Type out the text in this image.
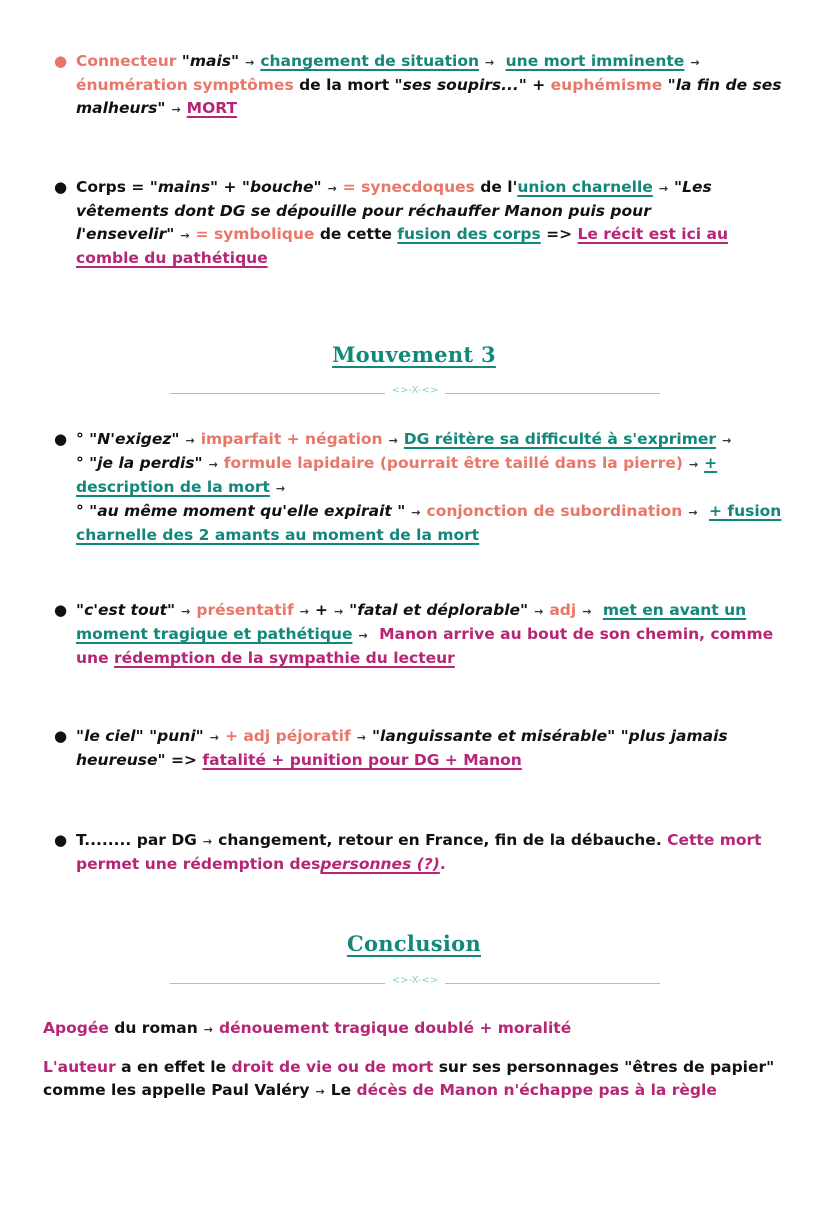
● Connecteur "mais" → changement de situation → une mort imminente → énumération symptômes de la mort "ses soupirs..." + euphémisme "la fin de ses malheurs" → MORT
● Corps = "mains" + "bouche" → = synecdoques de l'union charnelle → "Les vêtements dont DG se dépouille pour réchauffer Manon puis pour l'ensevelir" → = symbolique de cette fusion des corps => Le récit est ici au comble du pathétique
Mouvement 3
<>-X-<>
● ° "N'exigez" → imparfait + négation → DG réitère sa difficulté à s'exprimer →
° "je la perdis" → formule lapidaire (pourrait être taillé dans la pierre) → +
description de la mort →
° "au même moment qu'elle expirait " → conjonction de subordination → + fusion charnelle des 2 amants au moment de la mort
● "c'est tout" → présentatif → + → "fatal et déplorable" → adj → met en avant un moment tragique et pathétique → Manon arrive au bout de son chemin, comme une rédemption de la sympathie du lecteur
● "le ciel" "puni" → + adj péjoratif → "languissante et misérable" "plus jamais heureuse" => fatalité + punition pour DG + Manon
● T........ par DG → changement, retour en France, fin de la débauche. Cette mort permet une rédemption despersonnes (?).
Conclusion
<>-X-<>
Apogée du roman → dénouement tragique doublé + moralité
L'auteur a en effet le droit de vie ou de mort sur ses personnages "êtres de papier" comme les appelle Paul Valéry → Le décès de Manon n'échappe pas à la règle
